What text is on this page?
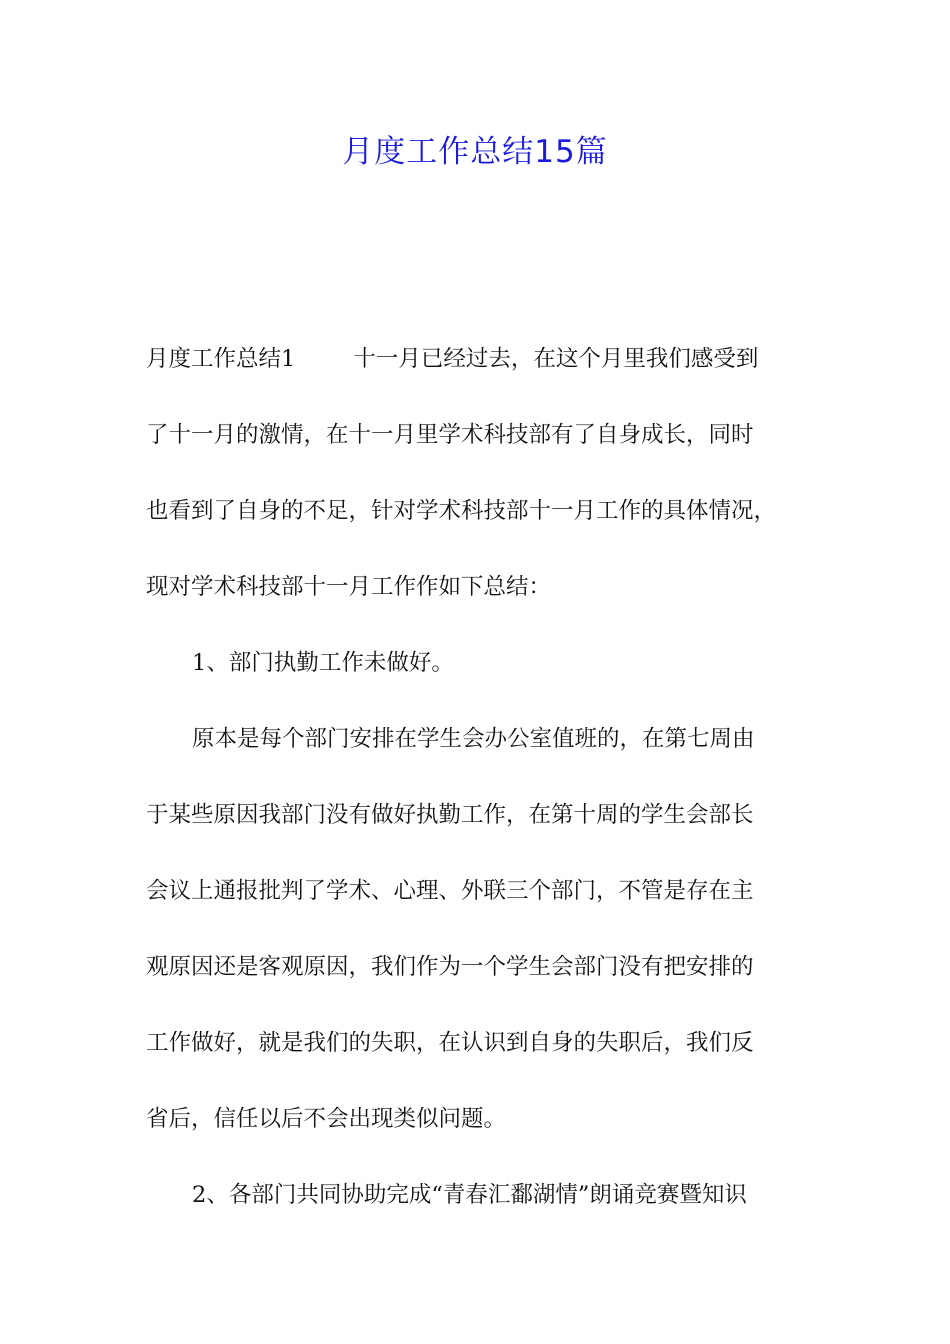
月度工作总结15篇
月度工作总结1	十一月已经过去，在这个月里我们感受到
了十一月的激情，在十一月里学术科技部有了自身成长，同时
也看到了自身的不足，针对学术科技部十一月工作的具体情况，
现对学术科技部十一月工作作如下总结：
1、部门执勤工作未做好。
原本是每个部门安排在学生会办公室值班的，在第七周由
于某些原因我部门没有做好执勤工作，在第十周的学生会部长
会议上通报批判了学术、心理、外联三个部门，不管是存在主
观原因还是客观原因，我们作为一个学生会部门没有把安排的
工作做好，就是我们的失职，在认识到自身的失职后，我们反
省后，信任以后不会出现类似问题。
2、各部门共同协助完成“青春汇鄱湖情”朗诵竞赛暨知识
